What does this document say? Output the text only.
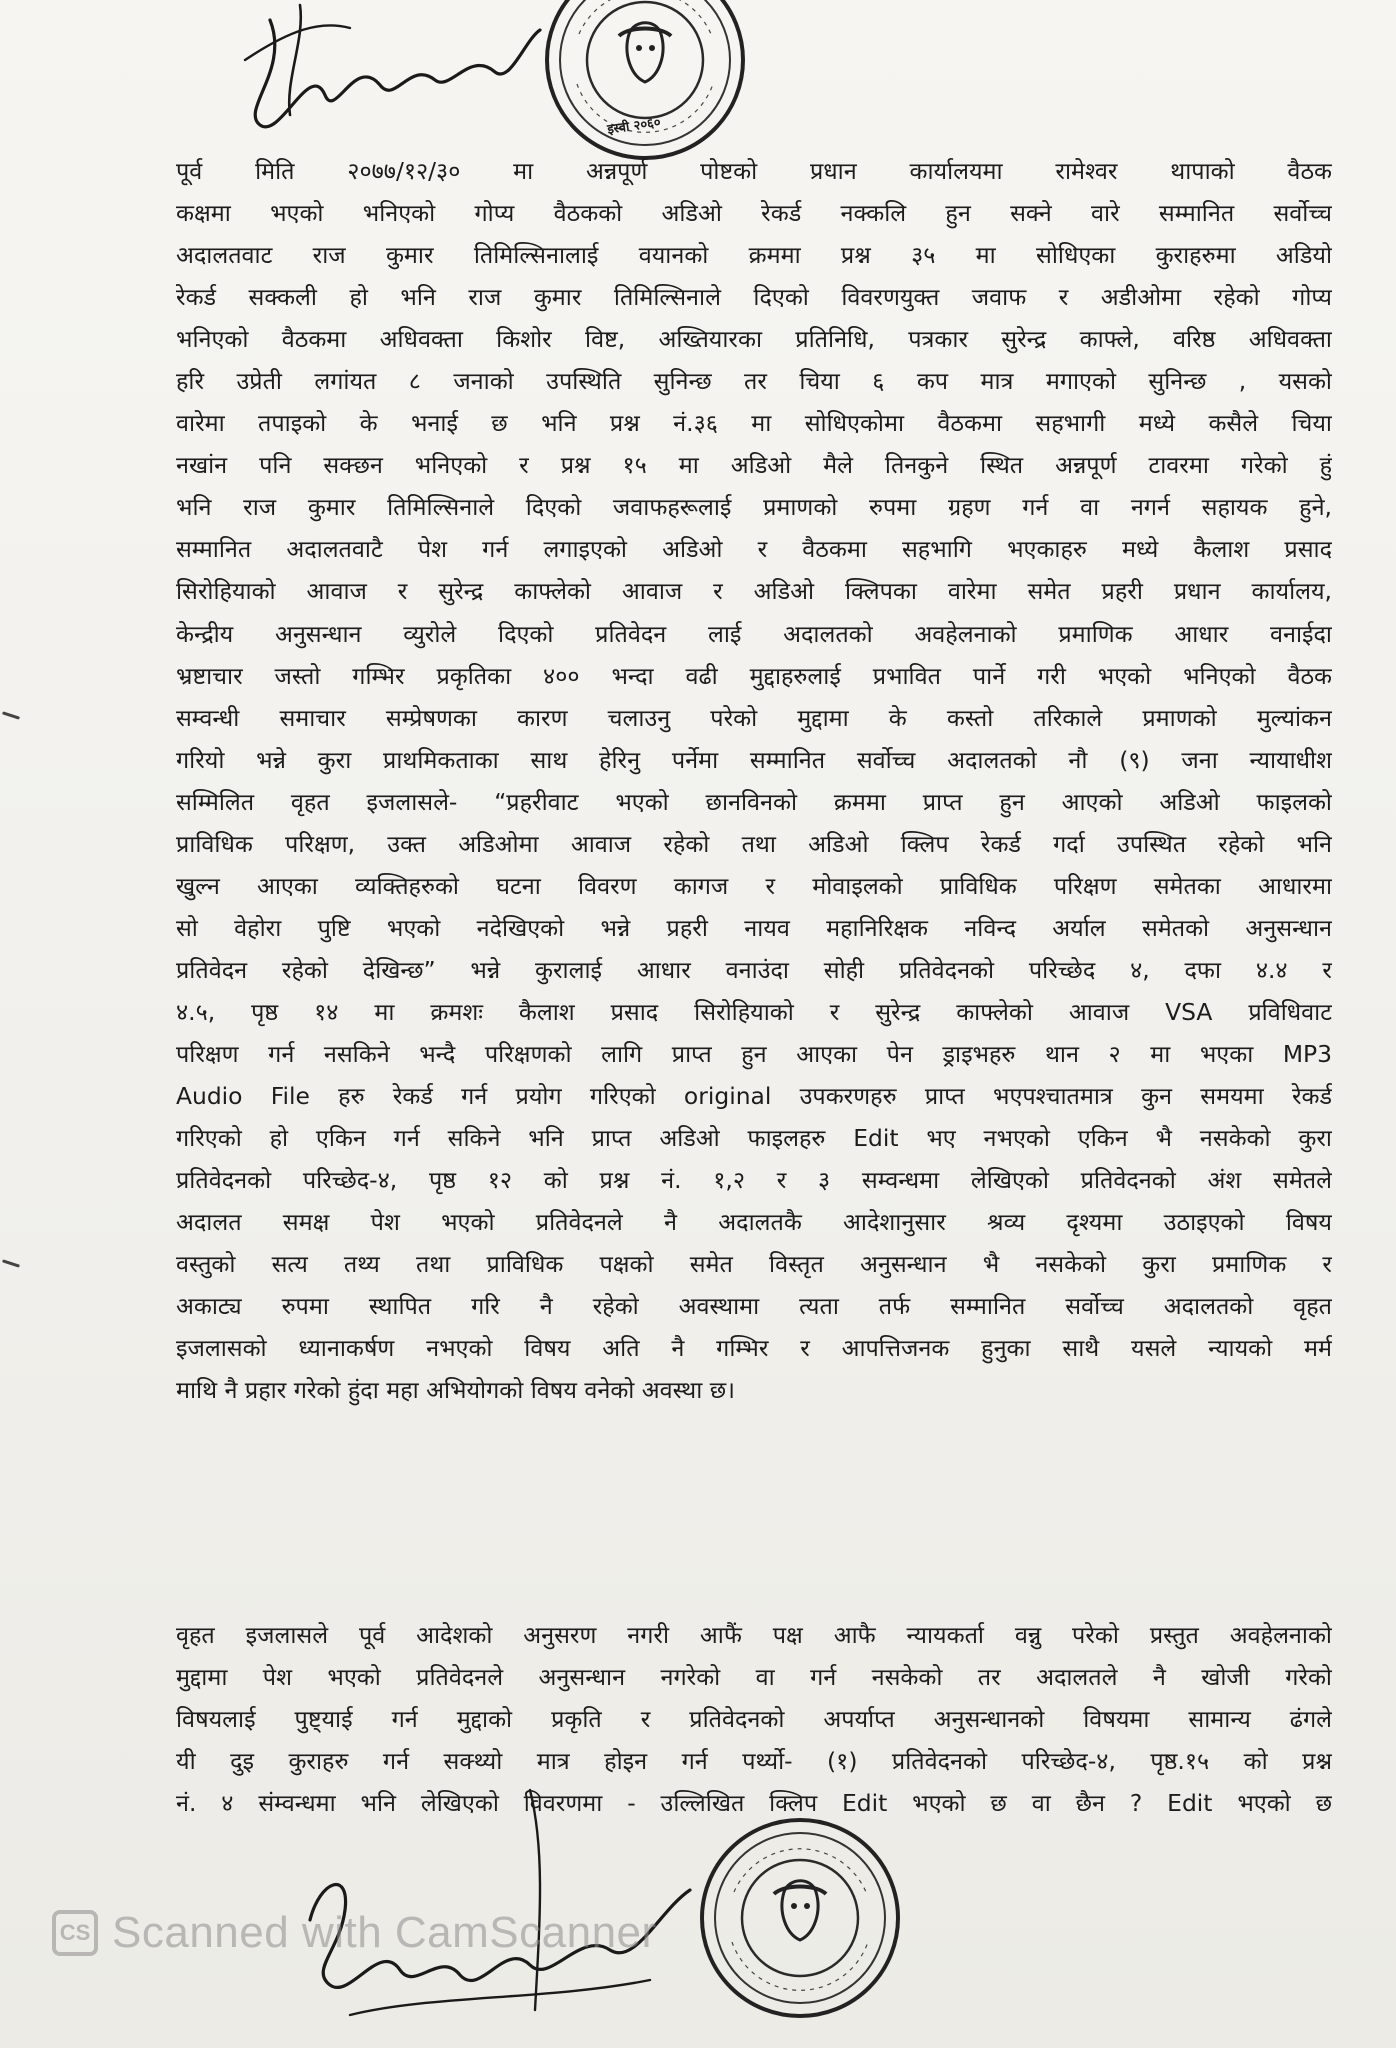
इस्वी २०६०
पूर्व मिति २०७७/१२/३० मा अन्नपूर्ण पोष्टको प्रधान कार्यालयमा रामेश्वर थापाको वैठक
कक्षमा भएको भनिएको गोप्य वैठकको अडिओ रेकर्ड नक्कलि हुन सक्ने वारे सम्मानित सर्वोच्च
अदालतवाट राज कुमार तिमिल्सिनालाई वयानको क्रममा प्रश्न ३५ मा सोधिएका कुराहरुमा अडियो
रेकर्ड सक्कली हो भनि राज कुमार तिमिल्सिनाले दिएको विवरणयुक्त जवाफ र अडीओमा रहेको गोप्य
भनिएको वैठकमा अधिवक्ता किशोर विष्ट, अख्तियारका प्रतिनिधि, पत्रकार सुरेन्द्र काफ्ले, वरिष्ठ अधिवक्ता
हरि उप्रेती लगांयत ८ जनाको उपस्थिति सुनिन्छ तर चिया ६ कप मात्र मगाएको सुनिन्छ , यसको
वारेमा तपाइको के भनाई छ भनि प्रश्न नं.३६ मा सोधिएकोमा वैठकमा सहभागी मध्ये कसैले चिया
नखांन पनि सक्छन भनिएको र प्रश्न १५ मा अडिओ मैले तिनकुने स्थित अन्नपूर्ण टावरमा गरेको हुं
भनि राज कुमार तिमिल्सिनाले दिएको जवाफहरूलाई प्रमाणको रुपमा ग्रहण गर्न वा नगर्न सहायक हुने,
सम्मानित अदालतवाटै पेश गर्न लगाइएको अडिओ र वैठकमा सहभागि भएकाहरु मध्ये कैलाश प्रसाद
सिरोहियाको आवाज र सुरेन्द्र काफ्लेको आवाज र अडिओ क्लिपका वारेमा समेत प्रहरी प्रधान कार्यालय,
केन्द्रीय अनुसन्धान व्युरोले दिएको प्रतिवेदन लाई अदालतको अवहेलनाको प्रमाणिक आधार वनाईदा
भ्रष्टाचार जस्तो गम्भिर प्रकृतिका ४०० भन्दा वढी मुद्दाहरुलाई प्रभावित पार्ने गरी भएको भनिएको वैठक
सम्वन्धी समाचार सम्प्रेषणका कारण चलाउनु परेको मुद्दामा के कस्तो तरिकाले प्रमाणको मुल्यांकन
गरियो भन्ने कुरा प्राथमिकताका साथ हेरिनु पर्नेमा सम्मानित सर्वोच्च अदालतको नौ (९) जना न्यायाधीश
सम्मिलित वृहत इजलासले- “प्रहरीवाट भएको छानविनको क्रममा प्राप्त हुन आएको अडिओ फाइलको
प्राविधिक परिक्षण, उक्त अडिओमा आवाज रहेको तथा अडिओ क्लिप रेकर्ड गर्दा उपस्थित रहेको भनि
खुल्न आएका व्यक्तिहरुको घटना विवरण कागज र मोवाइलको प्राविधिक परिक्षण समेतका आधारमा
सो वेहोरा पुष्टि भएको नदेखिएको भन्ने प्रहरी नायव महानिरिक्षक नविन्द अर्याल समेतको अनुसन्धान
प्रतिवेदन रहेको देखिन्छ” भन्ने कुरालाई आधार वनाउंदा सोही प्रतिवेदनको परिच्छेद ४, दफा ४.४ र
४.५, पृष्ठ १४ मा क्रमशः कैलाश प्रसाद सिरोहियाको र सुरेन्द्र काफ्लेको आवाज VSA प्रविधिवाट
परिक्षण गर्न नसकिने भन्दै परिक्षणको लागि प्राप्त हुन आएका पेन ड्राइभहरु थान २ मा भएका MP3
Audio File हरु रेकर्ड गर्न प्रयोग गरिएको original उपकरणहरु प्राप्त भएपश्चातमात्र कुन समयमा रेकर्ड
गरिएको हो एकिन गर्न सकिने भनि प्राप्त अडिओ फाइलहरु Edit भए नभएको एकिन भै नसकेको कुरा
प्रतिवेदनको परिच्छेद-४, पृष्ठ १२ को प्रश्न नं. १,२ र ३ सम्वन्धमा लेखिएको प्रतिवेदनको अंश समेतले
अदालत समक्ष पेश भएको प्रतिवेदनले नै अदालतकै आदेशानुसार श्रव्य दृश्यमा उठाइएको विषय
वस्तुको सत्य तथ्य तथा प्राविधिक पक्षको समेत विस्तृत अनुसन्धान भै नसकेको कुरा प्रमाणिक र
अकाट्य रुपमा स्थापित गरि नै रहेको अवस्थामा त्यता तर्फ सम्मानित सर्वोच्च अदालतको वृहत
इजलासको ध्यानाकर्षण नभएको विषय अति नै गम्भिर र आपत्तिजनक हुनुका साथै यसले न्यायको मर्म
माथि नै प्रहार गरेको हुंदा महा अभियोगको विषय वनेको अवस्था छ।
वृहत इजलासले पूर्व आदेशको अनुसरण नगरी आफैं पक्ष आफै न्यायकर्ता वन्नु परेको प्रस्तुत अवहेलनाको
मुद्दामा पेश भएको प्रतिवेदनले अनुसन्धान नगरेको वा गर्न नसकेको तर अदालतले नै खोजी गरेको
विषयलाई पुष्ट्याई गर्न मुद्दाको प्रकृति र प्रतिवेदनको अपर्याप्त अनुसन्धानको विषयमा सामान्य ढंगले
यी दुइ कुराहरु गर्न सक्थ्यो मात्र होइन गर्न पर्थ्यो- (१) प्रतिवेदनको परिच्छेद-४, पृष्ठ.१५ को प्रश्न
नं. ४ संम्वन्धमा भनि लेखिएको विवरणमा - उल्लिखित क्लिप Edit भएको छ वा छैन ? Edit भएको छ
CS Scanned with CamScanner
